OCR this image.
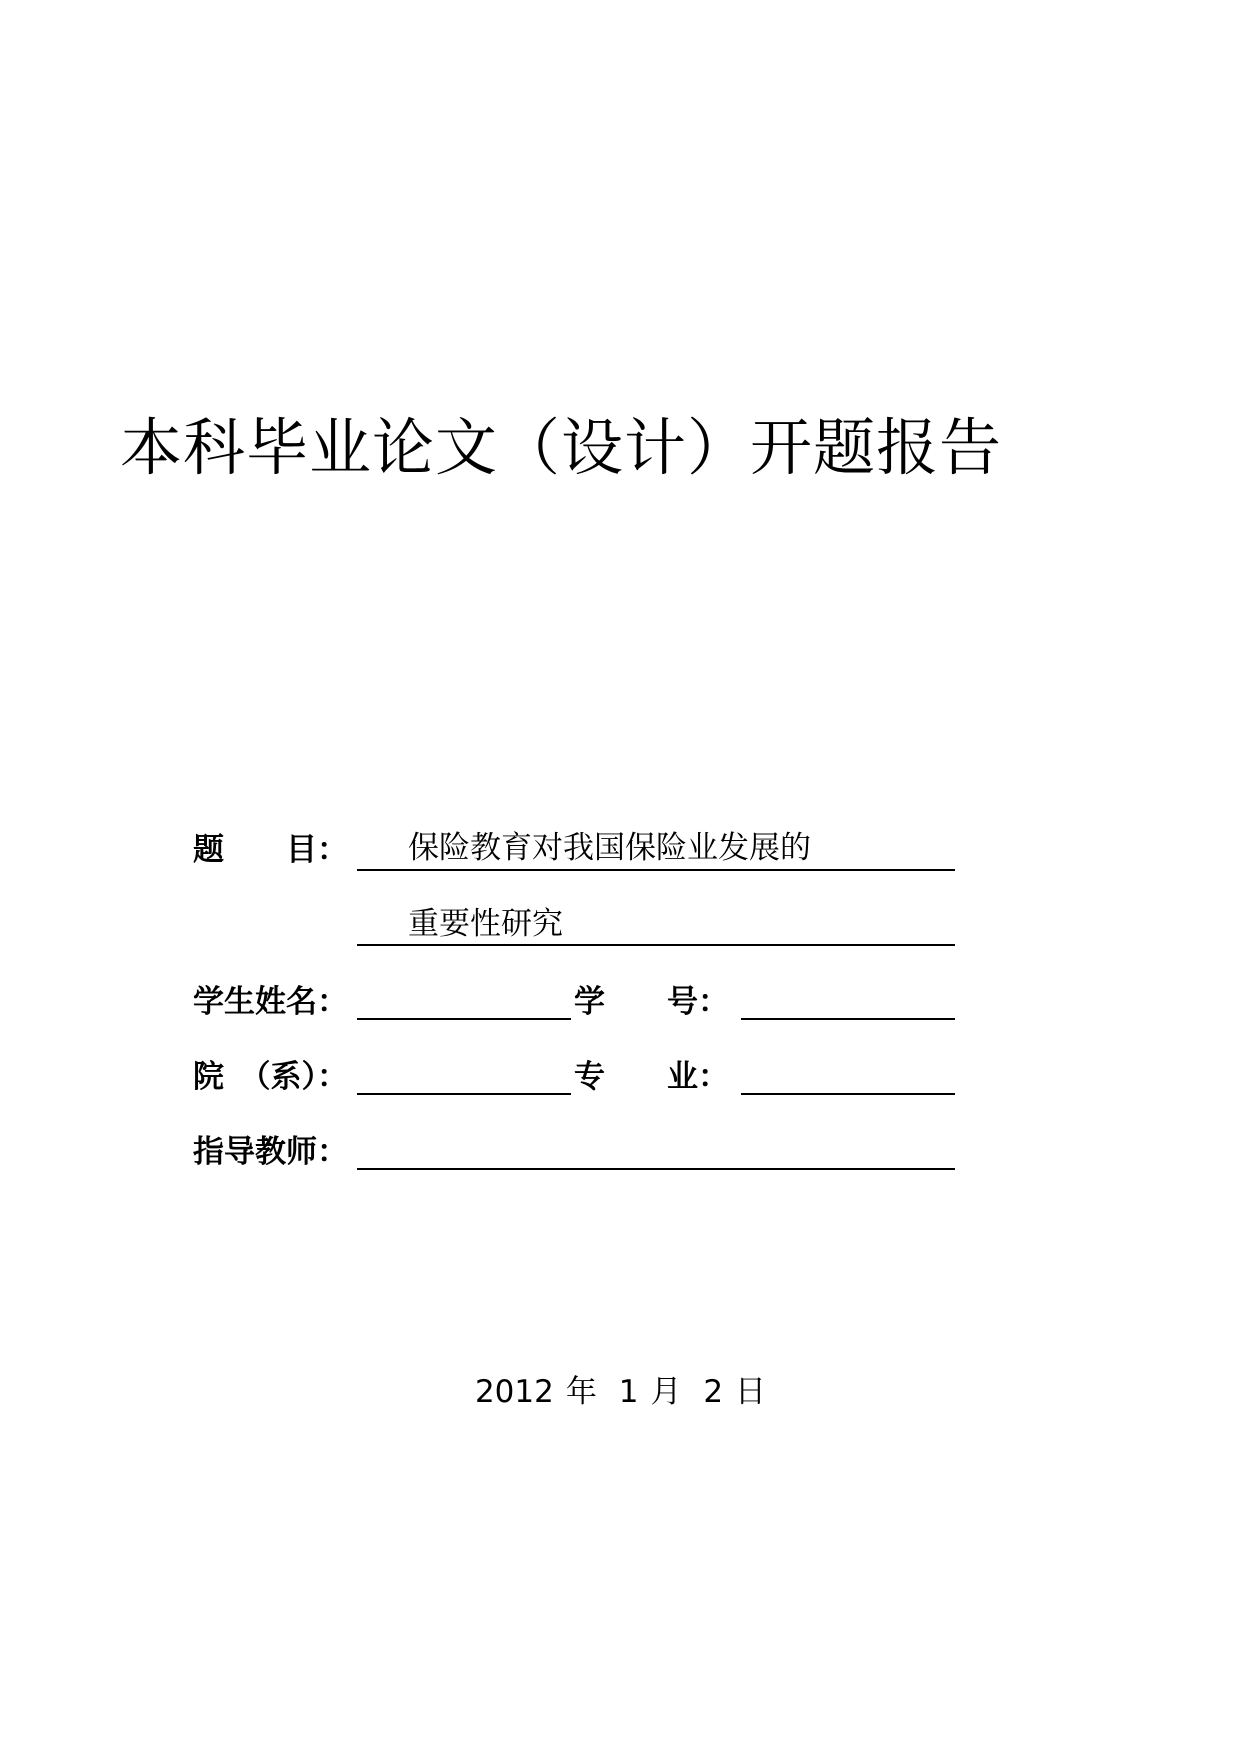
本科毕业论文（设计）开题报告
题　　目： 保险教育对我国保险业发展的
重要性研究
学生姓名：	学　　号：
院　（系）：	专　　业：
指导教师：
2012 年 1 月 2 日
